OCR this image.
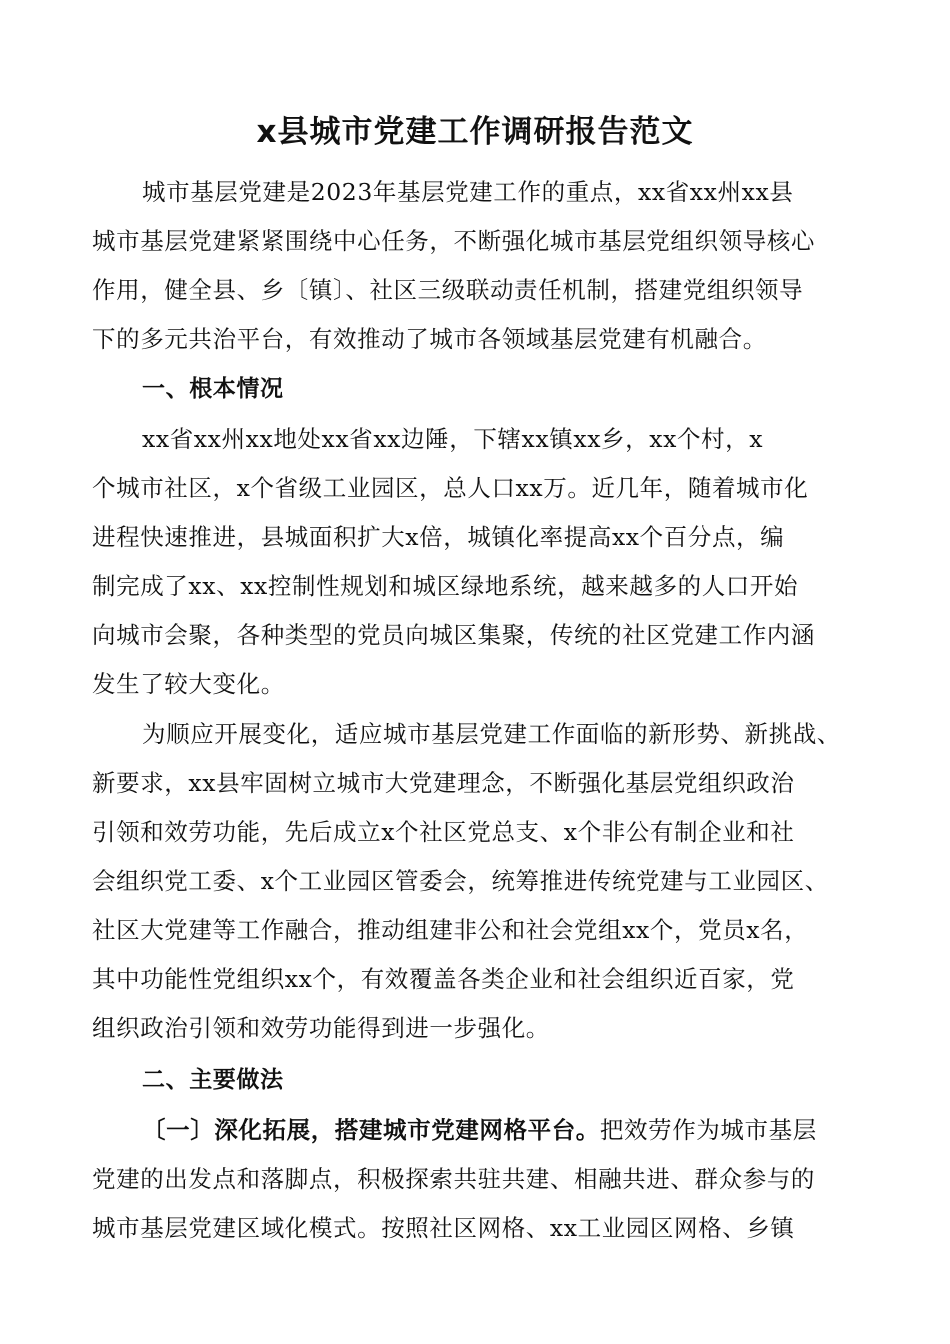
x县城市党建工作调研报告范文
城市基层党建是2023年基层党建工作的重点，xx省xx州xx县
城市基层党建紧紧围绕中心任务，不断强化城市基层党组织领导核心
作用，健全县、乡〔镇〕、社区三级联动责任机制，搭建党组织领导
下的多元共治平台，有效推动了城市各领域基层党建有机融合。
一、根本情况
xx省xx州xx地处xx省xx边陲，下辖xx镇xx乡，xx个村，x
个城市社区，x个省级工业园区，总人口xx万。近几年，随着城市化
进程快速推进，县城面积扩大x倍，城镇化率提高xx个百分点，编
制完成了xx、xx控制性规划和城区绿地系统，越来越多的人口开始
向城市会聚，各种类型的党员向城区集聚，传统的社区党建工作内涵
发生了较大变化。
为顺应开展变化，适应城市基层党建工作面临的新形势、新挑战、
新要求，xx县牢固树立城市大党建理念，不断强化基层党组织政治
引领和效劳功能，先后成立x个社区党总支、x个非公有制企业和社
会组织党工委、x个工业园区管委会，统筹推进传统党建与工业园区、
社区大党建等工作融合，推动组建非公和社会党组xx个，党员x名，
其中功能性党组织xx个，有效覆盖各类企业和社会组织近百家，党
组织政治引领和效劳功能得到进一步强化。
二、主要做法
〔一〕深化拓展，搭建城市党建网格平台。把效劳作为城市基层
党建的出发点和落脚点，积极探索共驻共建、相融共进、群众参与的
城市基层党建区域化模式。按照社区网格、xx工业园区网格、乡镇
